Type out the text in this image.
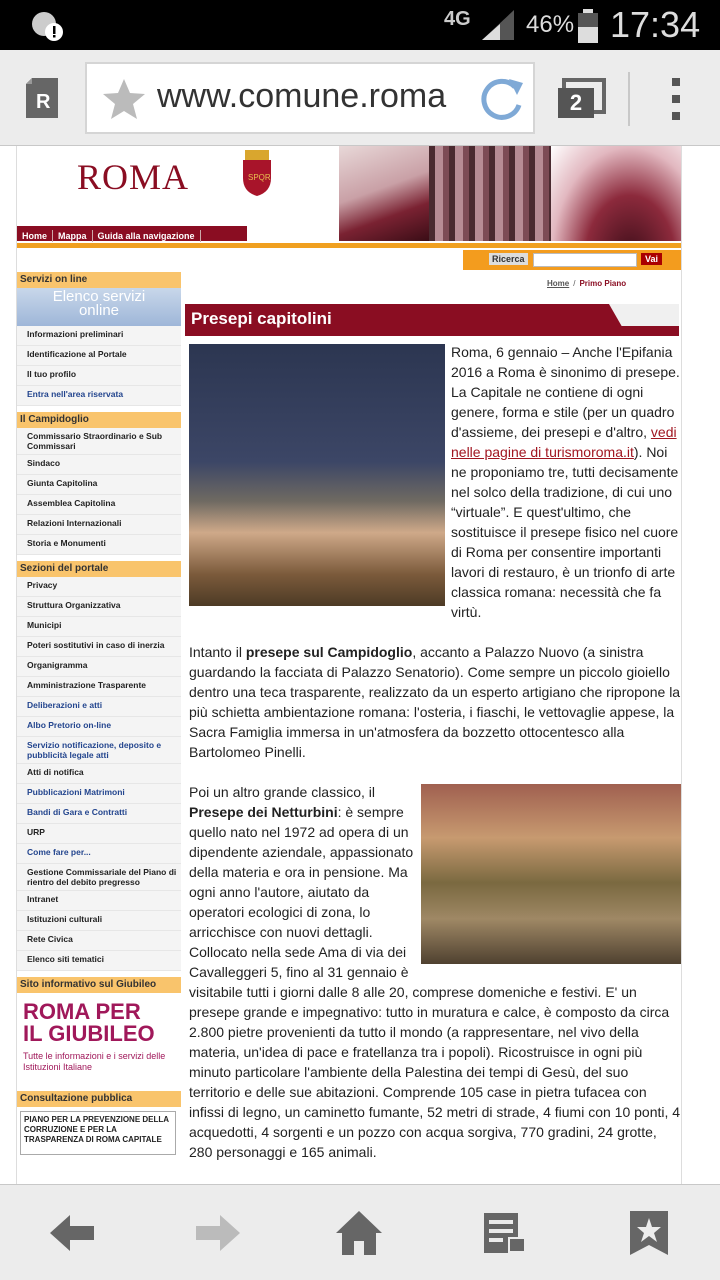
4G 46% 17:34
R	www.comune.roma	2
ROMA	SPQR
Home Mappa Guida alla navigazione
Ricerca	Vai
Servizi on line
Elenco servizi
online
Informazioni preliminari
Identificazione al Portale
Il tuo profilo
Entra nell'area riservata
Il Campidoglio
Commissario Straordinario e Sub Commissari
Sindaco
Giunta Capitolina
Assemblea Capitolina
Relazioni Internazionali
Storia e Monumenti
Sezioni del portale
Privacy
Struttura Organizzativa
Municipi
Poteri sostitutivi in caso di inerzia
Organigramma
Amministrazione Trasparente
Deliberazioni e atti
Albo Pretorio on-line
Servizio notificazione, deposito e pubblicità legale atti
Atti di notifica
Pubblicazioni Matrimoni
Bandi di Gara e Contratti
URP
Come fare per...
Gestione Commissariale del Piano di rientro del debito pregresso
Intranet
Istituzioni culturali
Rete Civica
Elenco siti tematici
Sito informativo sul Giubileo
ROMA PER
IL GIUBILEO
Tutte le informazioni e i servizi delle Istituzioni Italiane
Consultazione pubblica
PIANO PER LA PREVENZIONE DELLA CORRUZIONE E PER LA TRASPARENZA DI ROMA CAPITALE
Home / Primo Piano
Presepi capitolini

Roma, 6 gennaio – Anche l'Epifania 2016 a Roma è sinonimo di presepe. La Capitale ne contiene di ogni genere, forma e stile (per un quadro d'assieme, dei presepi e d'altro, vedi nelle pagine di turismoroma.it). Noi ne proponiamo tre, tutti decisamente nel solco della tradizione, di cui uno “virtuale”. E quest'ultimo, che sostituisce il presepe fisico nel cuore di Roma per consentire importanti lavori di restauro, è un trionfo di arte classica romana: necessità che fa virtù.

Intanto il presepe sul Campidoglio, accanto a Palazzo Nuovo (a sinistra guardando la facciata di Palazzo Senatorio). Come sempre un piccolo gioiello dentro una teca trasparente, realizzato da un esperto artigiano che ripropone la più schietta ambientazione romana: l'osteria, i fiaschi, le vettovaglie appese, la Sacra Famiglia immersa in un'atmosfera da bozzetto ottocentesco alla Bartolomeo Pinelli.

Poi un altro grande classico, il Presepe dei Netturbini: è sempre quello nato nel 1972 ad opera di un dipendente aziendale, appassionato della materia e ora in pensione. Ma ogni anno l'autore, aiutato da operatori ecologici di zona, lo arricchisce con nuovi dettagli. Collocato nella sede Ama di via dei Cavalleggeri 5, fino al 31 gennaio è visitabile tutti i giorni dalle 8 alle 20, comprese domeniche e festivi. E' un presepe grande e impegnativo: tutto in muratura e calce, è composto da circa 2.800 pietre provenienti da tutto il mondo (a rappresentare, nel vivo della materia, un'idea di pace e fratellanza tra i popoli). Ricostruisce in ogni più minuto particolare l'ambiente della Palestina dei tempi di Gesù, del suo territorio e delle sue abitazioni. Comprende 105 case in pietra tufacea con infissi di legno, un caminetto fumante, 52 metri di strade, 4 fiumi con 10 ponti, 4 acquedotti, 4 sorgenti e un pozzo con acqua sorgiva, 770 gradini, 24 grotte, 280 personaggi e 165 animali.
